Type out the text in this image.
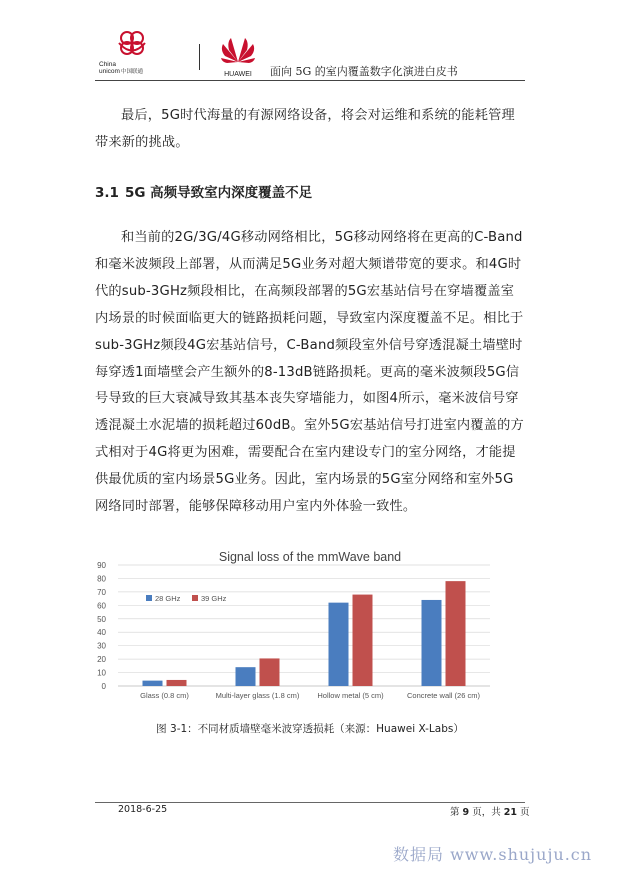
China
unicom 中国联通	HUAWEI 面向 5G 的室内覆盖数字化演进白皮书

最后，5G时代海量的有源网络设备，将会对运维和系统的能耗管理带来新的挑战。

3.1 5G 高频导致室内深度覆盖不足

和当前的2G/3G/4G移动网络相比，5G移动网络将在更高的C-Band和毫米波频段上部署，从而满足5G业务对超大频谱带宽的要求。和4G时代的sub-3GHz频段相比，在高频段部署的5G宏基站信号在穿墙覆盖室内场景的时候面临更大的链路损耗问题，导致室内深度覆盖不足。相比于sub-3GHz频段4G宏基站信号，C-Band频段室外信号穿透混凝土墙壁时每穿透1面墙壁会产生额外的8-13dB链路损耗。更高的毫米波频段5G信号导致的巨大衰减导致其基本丧失穿墙能力，如图4所示，毫米波信号穿透混凝土水泥墙的损耗超过60dB。室外5G宏基站信号打进室内覆盖的方式相对于4G将更为困难，需要配合在室内建设专门的室分网络，才能提供最优质的室内场景5G业务。因此，室内场景的5G室分网络和室外5G网络同时部署，能够保障移动用户室内外体验一致性。

Signal loss of the mmWave band
0
10
20
30
40
50
60
70
80
90
Glass (0.8 cm)	Multi-layer glass (1.8 cm) Hollow metal (5 cm)	Concrete wall (26 cm)
28 GHz	39 GHz

图 3-1：不同材质墙壁毫米波穿透损耗（来源：Huawei X-Labs）

2018-6-25	第 9 页，共 21 页
数据局 www.shujuju.cn
